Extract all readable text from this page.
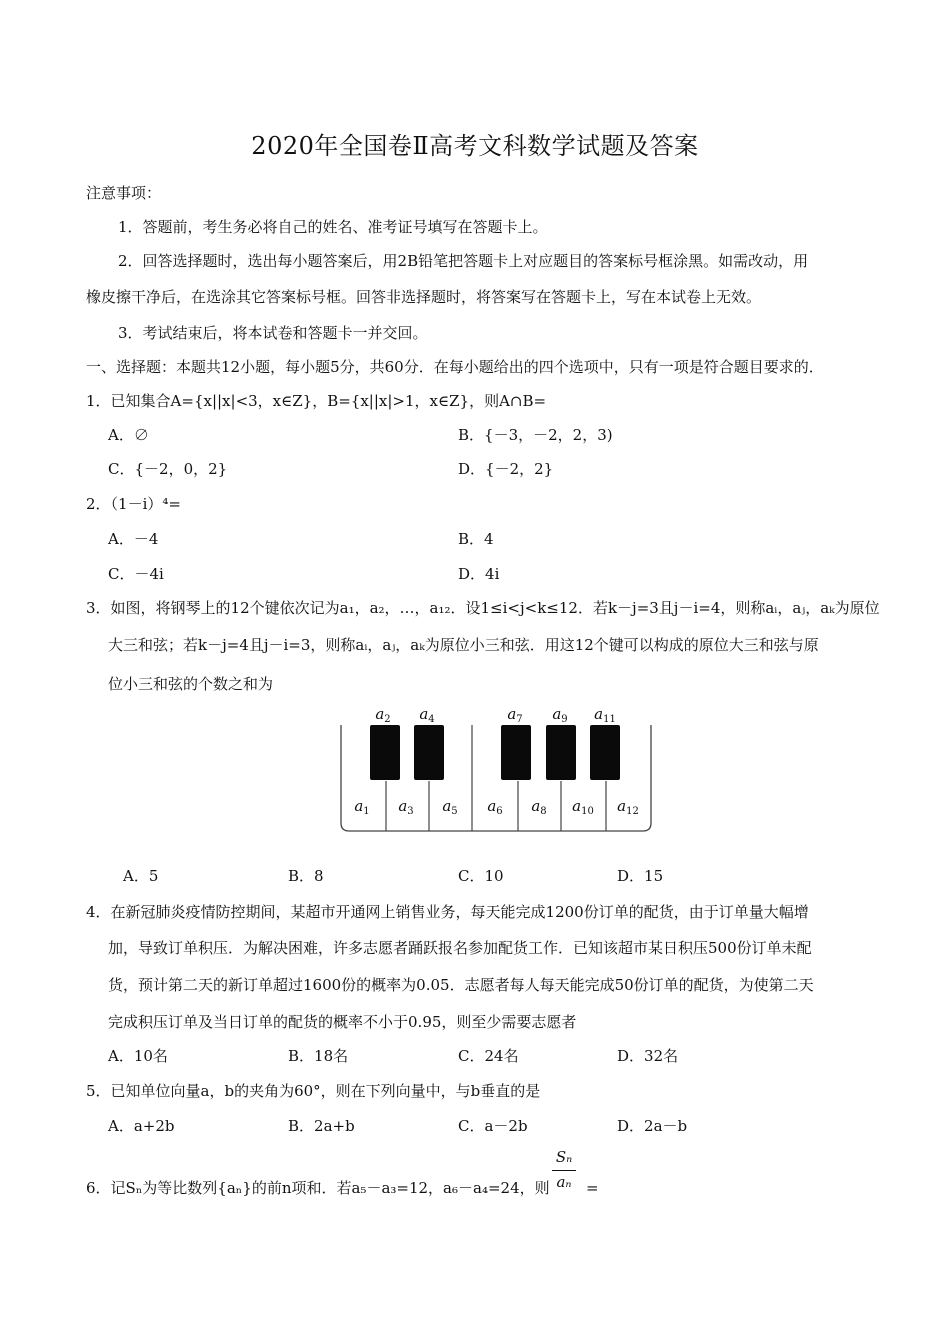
2020年全国卷Ⅱ高考文科数学试题及答案
注意事项：
1．答题前，考生务必将自己的姓名、准考证号填写在答题卡上。
2．回答选择题时，选出每小题答案后，用2B铅笔把答题卡上对应题目的答案标号框涂黑。如需改动，用
橡皮擦干净后，在选涂其它答案标号框。回答非选择题时，将答案写在答题卡上，写在本试卷上无效。
3．考试结束后，将本试卷和答题卡一并交回。
一、选择题：本题共12小题，每小题5分，共60分．在每小题给出的四个选项中，只有一项是符合题目要求的．
1．已知集合A={x||x|<3，x∈Z}，B={x||x|>1，x∈Z}，则A∩B=
A．∅	B．{－3，－2，2，3)
C．{－2，0，2}	D．{－2，2}
2．（1－i）⁴=
A．－4	B．4
C．－4i	D．4i
3．如图，将钢琴上的12个键依次记为a₁，a₂，…，a₁₂．设1≤i<j<k≤12．若k－j=3且j－i=4，则称aᵢ，aⱼ，aₖ为原位
大三和弦；若k－j=4且j－i=3，则称aᵢ，aⱼ，aₖ为原位小三和弦．用这12个键可以构成的原位大三和弦与原
位小三和弦的个数之和为
$a_2$ $a_4$	$a_7$ $a_9$ $a_{11}$
$a_1$ $a_3$ $a_5$ $a_6$ $a_8$ $a_{10}$ $a_{12}$
A．5	B．8	C．10	D．15
4．在新冠肺炎疫情防控期间，某超市开通网上销售业务，每天能完成1200份订单的配货，由于订单量大幅增
加，导致订单积压．为解决困难，许多志愿者踊跃报名参加配货工作．已知该超市某日积压500份订单未配
货，预计第二天的新订单超过1600份的概率为0.05．志愿者每人每天能完成50份订单的配货，为使第二天
完成积压订单及当日订单的配货的概率不小于0.95，则至少需要志愿者
A．10名	B．18名	C．24名	D．32名
5．已知单位向量a，b的夹角为60°，则在下列向量中，与b垂直的是
A．a+2b	B．2a+b	C．a－2b	D．2a－b
6．记Sₙ为等比数列{aₙ}的前n项和．若a₅－a₃=12，a₆－a₄=24，则
Sₙ
aₙ =
